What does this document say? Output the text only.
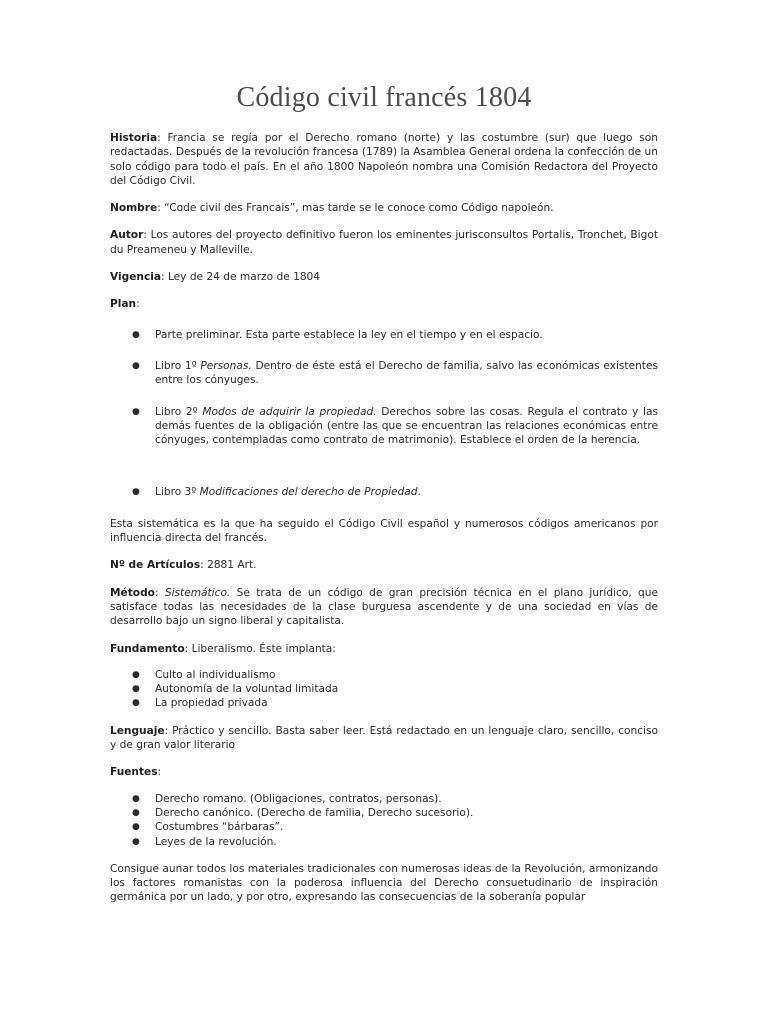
Código civil francés 1804

Historia: Francia se regía por el Derecho romano (norte) y las costumbre (sur) que luego son redactadas. Después de la revolución francesa (1789) la Asamblea General ordena la confección de un solo código para todo el país. En el año 1800 Napoleón nombra una Comisión Redactora del Proyecto del Código Civil.

Nombre: “Code civil des Francais”, mas tarde se le conoce como Código napoleón.

Autor: Los autores del proyecto definitivo fueron los eminentes jurisconsultos Portalis, Tronchet, Bigot du Preameneu y Malleville.

Vigencia: Ley de 24 de marzo de 1804

Plan:

● Parte preliminar. Esta parte establece la ley en el tiempo y en el espacio.
● Libro 1º Personas. Dentro de éste está el Derecho de familia, salvo las económicas existentes entre los cónyuges.
● Libro 2º Modos de adquirir la propiedad. Derechos sobre las cosas. Regula el contrato y las demás fuentes de la obligación (entre las que se encuentran las relaciones económicas entre cónyuges, contempladas como contrato de matrimonio). Establece el orden de la herencia.
● Libro 3º Modificaciones del derecho de Propiedad.

Esta sistemática es la que ha seguido el Código Civil español y numerosos códigos americanos por influencia directa del francés.

Nº de Artículos: 2881 Art.

Método: Sistemático. Se trata de un código de gran precisión técnica en el plano jurídico, que satisface todas las necesidades de la clase burguesa ascendente y de una sociedad en vías de desarrollo bajo un signo liberal y capitalista.

Fundamento: Liberalismo. Éste implanta:

● Culto al individualismo
● Autonomía de la voluntad limitada
● La propiedad privada

Lenguaje: Práctico y sencillo. Basta saber leer. Está redactado en un lenguaje claro, sencillo, conciso y de gran valor literario

Fuentes:

● Derecho romano. (Obligaciones, contratos, personas).
● Derecho canónico. (Derecho de familia, Derecho sucesorio).
● Costumbres “bárbaras”.
● Leyes de la revolución.

Consigue aunar todos los materiales tradicionales con numerosas ideas de la Revolución, armonizando los factores romanistas con la poderosa influencia del Derecho consuetudinario de inspiración germánica por un lado, y por otro, expresando las consecuencias de la soberanía popular
